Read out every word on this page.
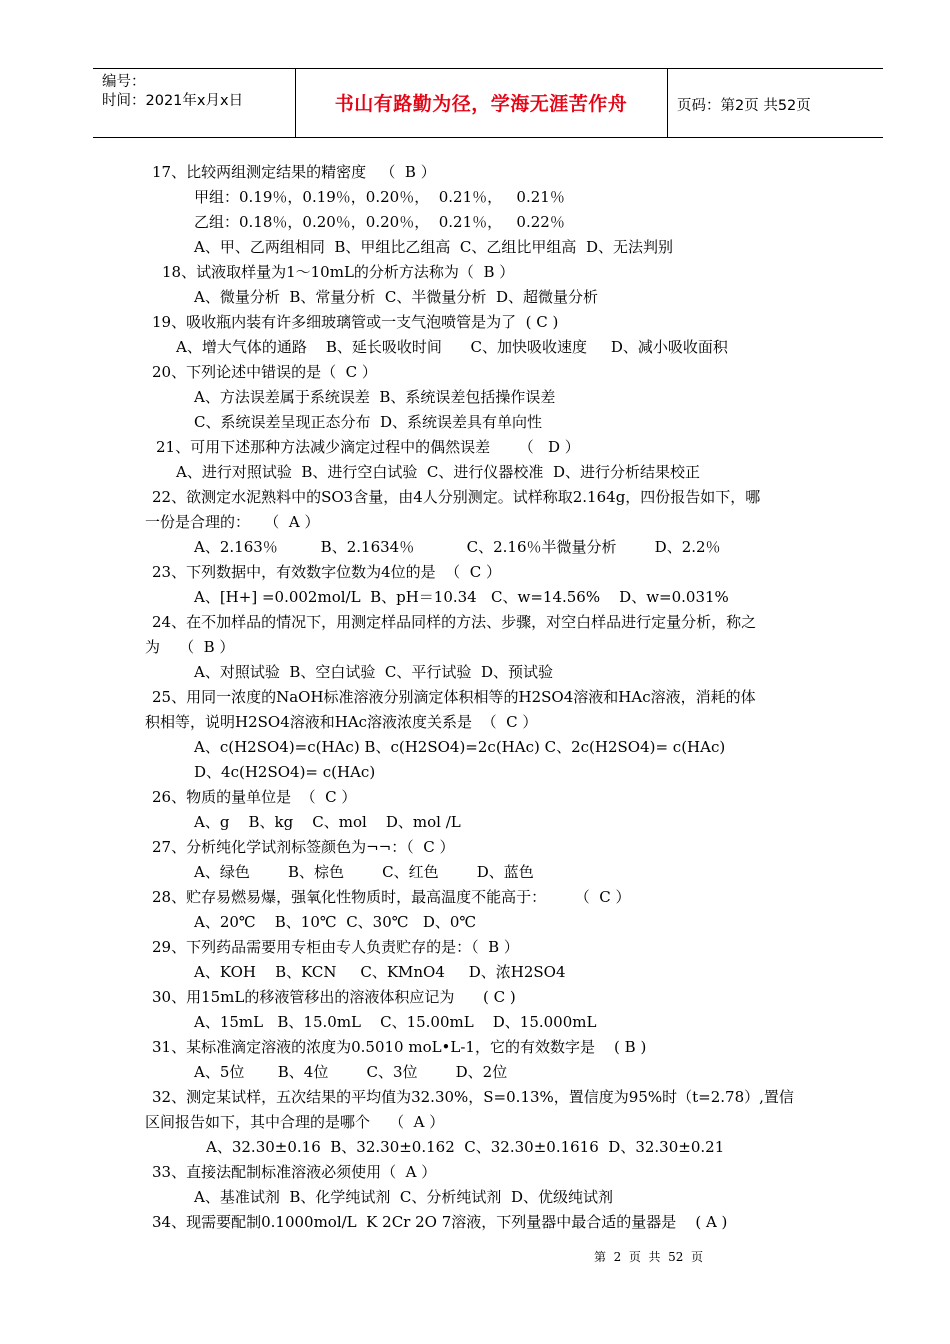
编号：
时间：2021年x月x日	书山有路勤为径，学海无涯苦作舟	页码：第2页 共52页
17、比较两组测定结果的精密度   （  B ）
甲组：0.19％，0.19％，0.20％，  0.21％，   0.21％
乙组：0.18％，0.20％，0.20％，  0.21％，   0.22％
A、甲、乙两组相同  B、甲组比乙组高  C、乙组比甲组高  D、无法判别
18、试液取样量为1～10mL的分析方法称为（  B ）
A、微量分析  B、常量分析  C、半微量分析  D、超微量分析
19、吸收瓶内装有许多细玻璃管或一支气泡喷管是为了  ( C )
A、增大气体的通路    B、延长吸收时间      C、加快吸收速度     D、减小吸收面积
20、下列论述中错误的是（  C ）
A、方法误差属于系统误差  B、系统误差包括操作误差
C、系统误差呈现正态分布  D、系统误差具有单向性
21、可用下述那种方法减少滴定过程中的偶然误差      （   D ）
A、进行对照试验  B、进行空白试验  C、进行仪器校准  D、进行分析结果校正
22、欲测定水泥熟料中的SO3含量，由4人分别测定。试样称取2.164g，四份报告如下，哪
一份是合理的：   （  A ）
A、2.163％         B、2.1634％           C、2.16％半微量分析        D、2.2％
23、下列数据中，有效数字位数为4位的是  （  C ）
A、[H+] =0.002mol/L  B、pH＝10.34   C、w=14.56%    D、w=0.031%
24、在不加样品的情况下，用测定样品同样的方法、步骤，对空白样品进行定量分析，称之
为    （  B ）
A、对照试验  B、空白试验  C、平行试验  D、预试验
25、用同一浓度的NaOH标准溶液分别滴定体积相等的H2SO4溶液和HAc溶液，消耗的体
积相等，说明H2SO4溶液和HAc溶液浓度关系是  （  C ）
A、c(H2SO4)=c(HAc) B、c(H2SO4)=2c(HAc) C、2c(H2SO4)= c(HAc)
D、4c(H2SO4)= c(HAc)
26、物质的量单位是  （  C ）
A、g    B、kg    C、mol    D、mol /L
27、分析纯化学试剂标签颜色为¬¬：（  C ）
A、绿色        B、棕色        C、红色        D、蓝色
28、贮存易燃易爆，强氧化性物质时，最高温度不能高于：      （  C ）
A、20℃    B、10℃  C、30℃   D、0℃
29、下列药品需要用专柜由专人负责贮存的是：（  B ）
A、KOH    B、KCN     C、KMnO4     D、浓H2SO4
30、用15mL的移液管移出的溶液体积应记为      ( C )
A、15mL   B、15.0mL    C、15.00mL    D、15.000mL
31、某标准滴定溶液的浓度为0.5010 moL•L-1，它的有效数字是    ( B )
A、5位       B、4位        C、3位        D、2位
32、测定某试样，五次结果的平均值为32.30%，S=0.13%，置信度为95%时（t=2.78）,置信
区间报告如下，其中合理的是哪个    （  A ）
A、32.30±0.16  B、32.30±0.162  C、32.30±0.1616  D、32.30±0.21
33、直接法配制标准溶液必须使用（  A ）
A、基准试剂  B、化学纯试剂  C、分析纯试剂  D、优级纯试剂
34、现需要配制0.1000mol/L  K 2Cr 2O 7溶液，下列量器中最合适的量器是    ( A )
第  2  页  共  52  页
